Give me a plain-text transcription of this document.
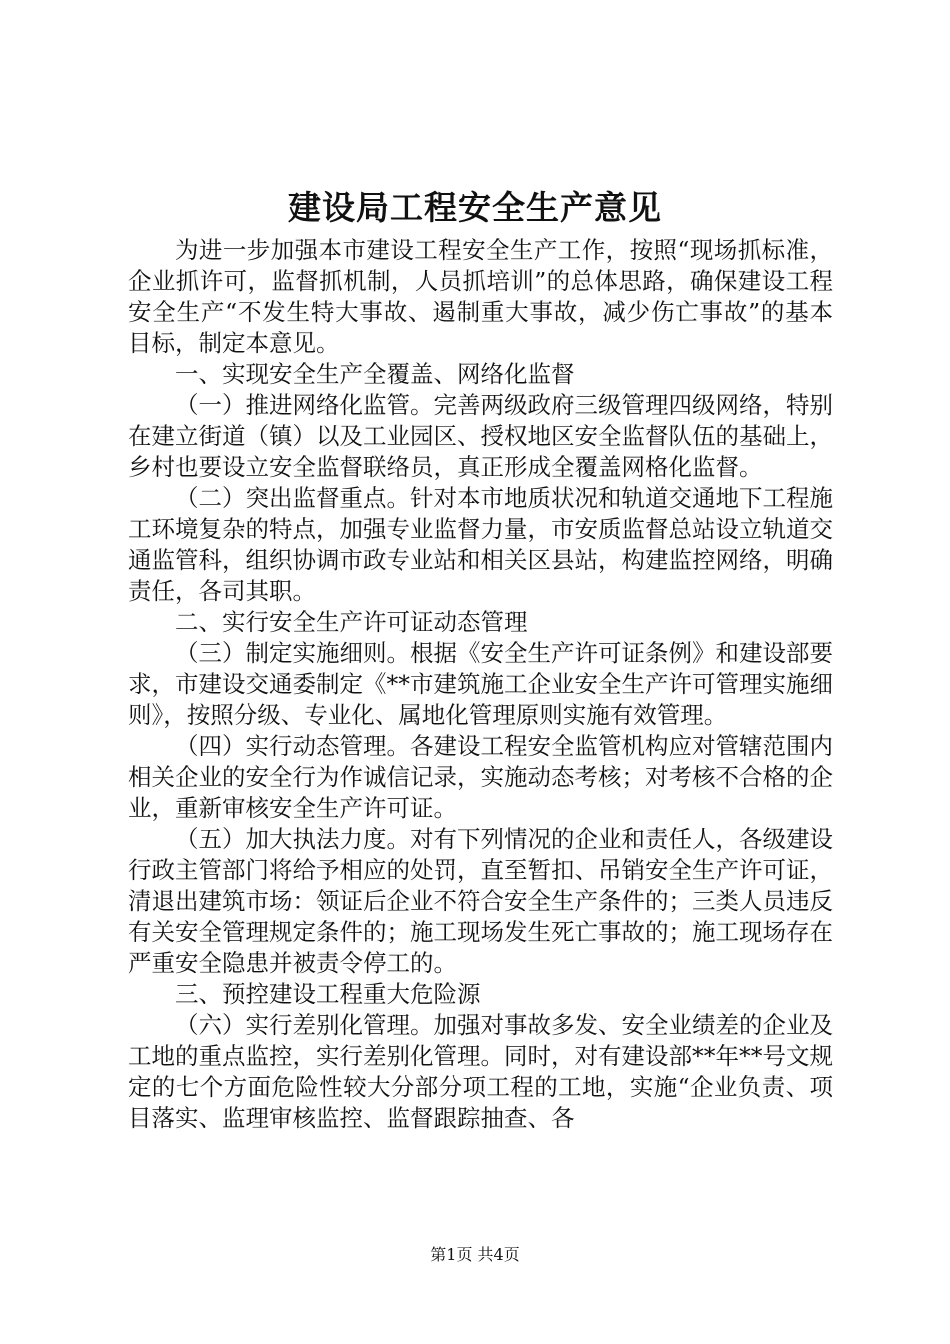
建设局工程安全生产意见

为进一步加强本市建设工程安全生产工作，按照“现场抓标准，企业抓许可，监督抓机制，人员抓培训”的总体思路，确保建设工程安全生产“不发生特大事故、遏制重大事故，减少伤亡事故”的基本目标，制定本意见。

一、实现安全生产全覆盖、网络化监督

（一）推进网络化监管。完善两级政府三级管理四级网络，特别在建立街道（镇）以及工业园区、授权地区安全监督队伍的基础上，乡村也要设立安全监督联络员，真正形成全覆盖网格化监督。

（二）突出监督重点。针对本市地质状况和轨道交通地下工程施工环境复杂的特点，加强专业监督力量，市安质监督总站设立轨道交通监管科，组织协调市政专业站和相关区县站，构建监控网络，明确责任，各司其职。

二、实行安全生产许可证动态管理

（三）制定实施细则。根据《安全生产许可证条例》和建设部要求，市建设交通委制定《**市建筑施工企业安全生产许可管理实施细则》，按照分级、专业化、属地化管理原则实施有效管理。

（四）实行动态管理。各建设工程安全监管机构应对管辖范围内相关企业的安全行为作诚信记录，实施动态考核；对考核不合格的企业，重新审核安全生产许可证。

（五）加大执法力度。对有下列情况的企业和责任人，各级建设行政主管部门将给予相应的处罚，直至暂扣、吊销安全生产许可证，清退出建筑市场：领证后企业不符合安全生产条件的；三类人员违反有关安全管理规定条件的；施工现场发生死亡事故的；施工现场存在严重安全隐患并被责令停工的。

三、预控建设工程重大危险源

（六）实行差别化管理。加强对事故多发、安全业绩差的企业及工地的重点监控，实行差别化管理。同时，对有建设部**年**号文规定的七个方面危险性较大分部分项工程的工地，实施“企业负责、项目落实、监理审核监控、监督跟踪抽查、各

第1页 共4页
